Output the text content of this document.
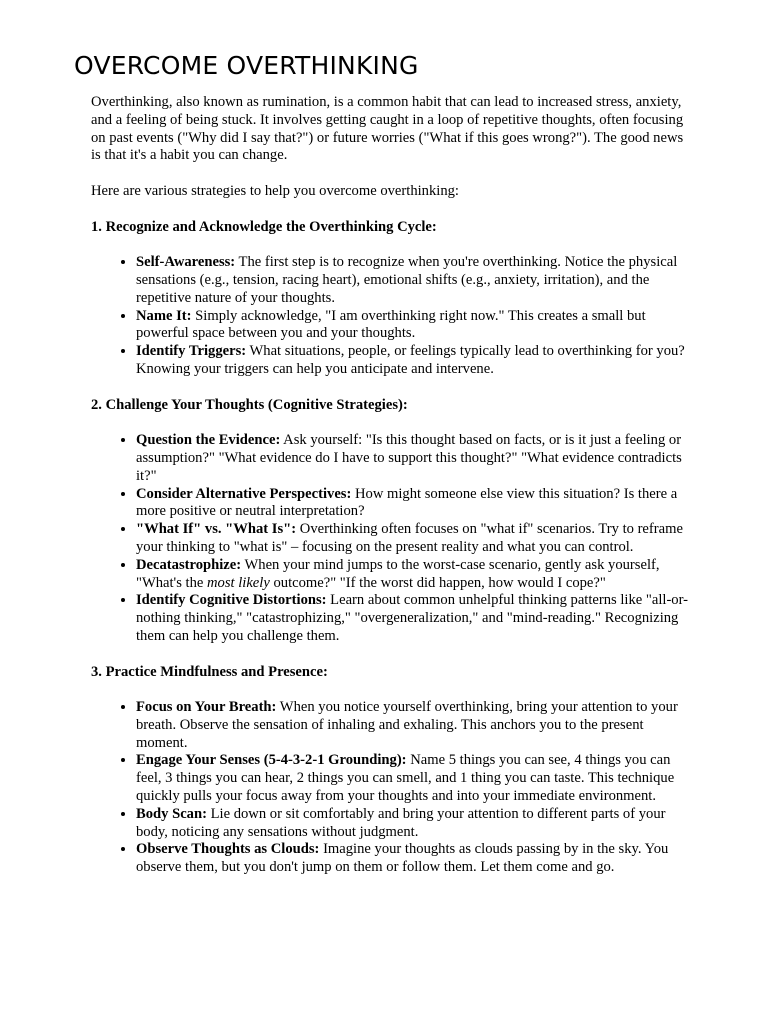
OVERCOME OVERTHINKING

Overthinking, also known as rumination, is a common habit that can lead to increased stress, anxiety, and a feeling of being stuck. It involves getting caught in a loop of repetitive thoughts, often focusing on past events ("Why did I say that?") or future worries ("What if this goes wrong?"). The good news is that it's a habit you can change.

Here are various strategies to help you overcome overthinking:

1. Recognize and Acknowledge the Overthinking Cycle:
• Self-Awareness: The first step is to recognize when you're overthinking. Notice the physical sensations (e.g., tension, racing heart), emotional shifts (e.g., anxiety, irritation), and the repetitive nature of your thoughts.
• Name It: Simply acknowledge, "I am overthinking right now." This creates a small but powerful space between you and your thoughts.
• Identify Triggers: What situations, people, or feelings typically lead to overthinking for you? Knowing your triggers can help you anticipate and intervene.
2. Challenge Your Thoughts (Cognitive Strategies):
• Question the Evidence: Ask yourself: "Is this thought based on facts, or is it just a feeling or assumption?" "What evidence do I have to support this thought?" "What evidence contradicts it?"
• Consider Alternative Perspectives: How might someone else view this situation? Is there a more positive or neutral interpretation?
• "What If" vs. "What Is": Overthinking often focuses on "what if" scenarios. Try to reframe your thinking to "what is" – focusing on the present reality and what you can control.
• Decatastrophize: When your mind jumps to the worst-case scenario, gently ask yourself, "What's the most likely outcome?" "If the worst did happen, how would I cope?"
• Identify Cognitive Distortions: Learn about common unhelpful thinking patterns like "all-or-nothing thinking," "catastrophizing," "overgeneralization," and "mind-reading." Recognizing them can help you challenge them.
3. Practice Mindfulness and Presence:
• Focus on Your Breath: When you notice yourself overthinking, bring your attention to your breath. Observe the sensation of inhaling and exhaling. This anchors you to the present moment.
• Engage Your Senses (5-4-3-2-1 Grounding): Name 5 things you can see, 4 things you can feel, 3 things you can hear, 2 things you can smell, and 1 thing you can taste. This technique quickly pulls your focus away from your thoughts and into your immediate environment.
• Body Scan: Lie down or sit comfortably and bring your attention to different parts of your body, noticing any sensations without judgment.
• Observe Thoughts as Clouds: Imagine your thoughts as clouds passing by in the sky. You observe them, but you don't jump on them or follow them. Let them come and go.
